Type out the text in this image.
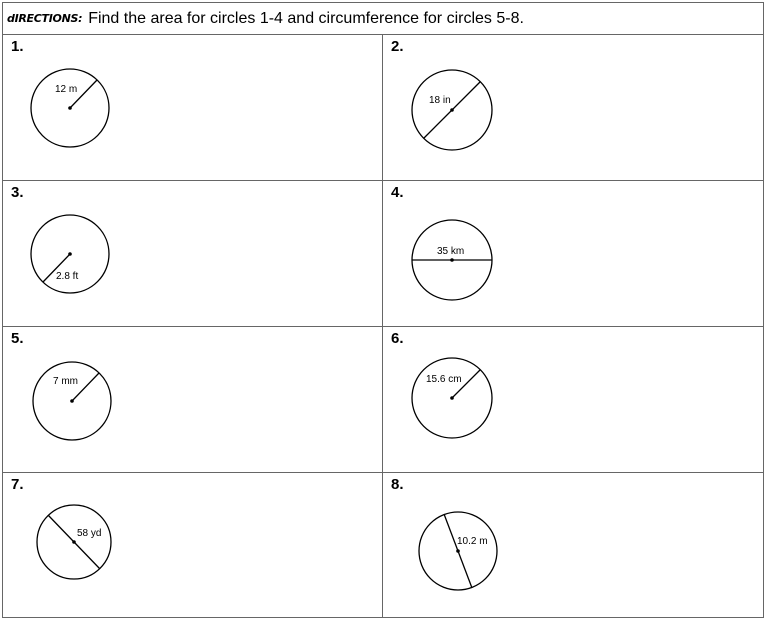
dIRECTIONS: Find the area for circles 1-4 and circumference for circles 5-8.
1.
12 m
2.
18 in
3.
2.8 ft
4.
35 km
5.
7 mm
6.
15.6 cm
7.
58 yd
8.
10.2 m
